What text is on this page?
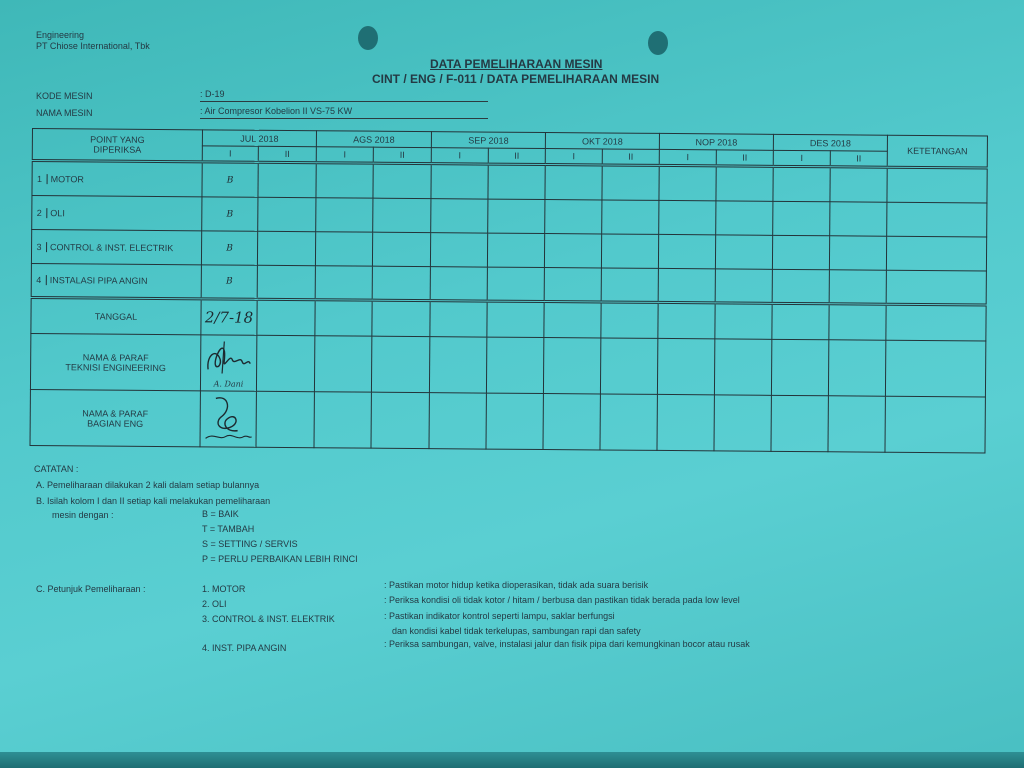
Engineering
PT Chiose International, Tbk
DATA PEMELIHARAAN MESIN
CINT / ENG / F-011 / DATA PEMELIHARAAN MESIN
KODE MESIN	: D-19
NAMA MESIN	: Air Compresor Kobelion II VS-75 KW
POINT YANG
DIPERIKSA	JUL 2018		AGS 2018		SEP 2018		OKT 2018		NOP 2018		DES 2018		KETETANGAN
	I	II	I	II	I	II	I	II	I	II	I	II	
1 MOTOR	B												
2 OLI	B												
3 CONTROL & INST. ELECTRIK	B												
4 INSTALASI PIPA ANGIN	B												
TANGGAL	2/7-18												

NAMA & PARAF
TEKNISI ENGINEERING	A. Dani												

NAMA & PARAF
BAGIAN ENG

CATATAN :
A. Pemeliharaan dilakukan 2 kali dalam setiap bulannya
B. Isilah kolom I dan II setiap kali melakukan pemeliharaan
mesin dengan :	B = BAIK
T = TAMBAH
S = SETTING / SERVIS
P = PERLU PERBAIKAN LEBIH RINCI
C. Petunjuk Pemeliharaan :	1. MOTOR	: Pastikan motor hidup ketika dioperasikan, tidak ada suara berisik
2. OLI	: Periksa kondisi oli tidak kotor / hitam / berbusa dan pastikan tidak berada pada low level
3. CONTROL & INST. ELEKTRIK	: Pastikan indikator kontrol seperti lampu, saklar berfungsi
dan kondisi kabel tidak terkelupas, sambungan rapi dan safety
4. INST. PIPA ANGIN	: Periksa sambungan, valve, instalasi jalur dan fisik pipa dari kemungkinan bocor atau rusak
